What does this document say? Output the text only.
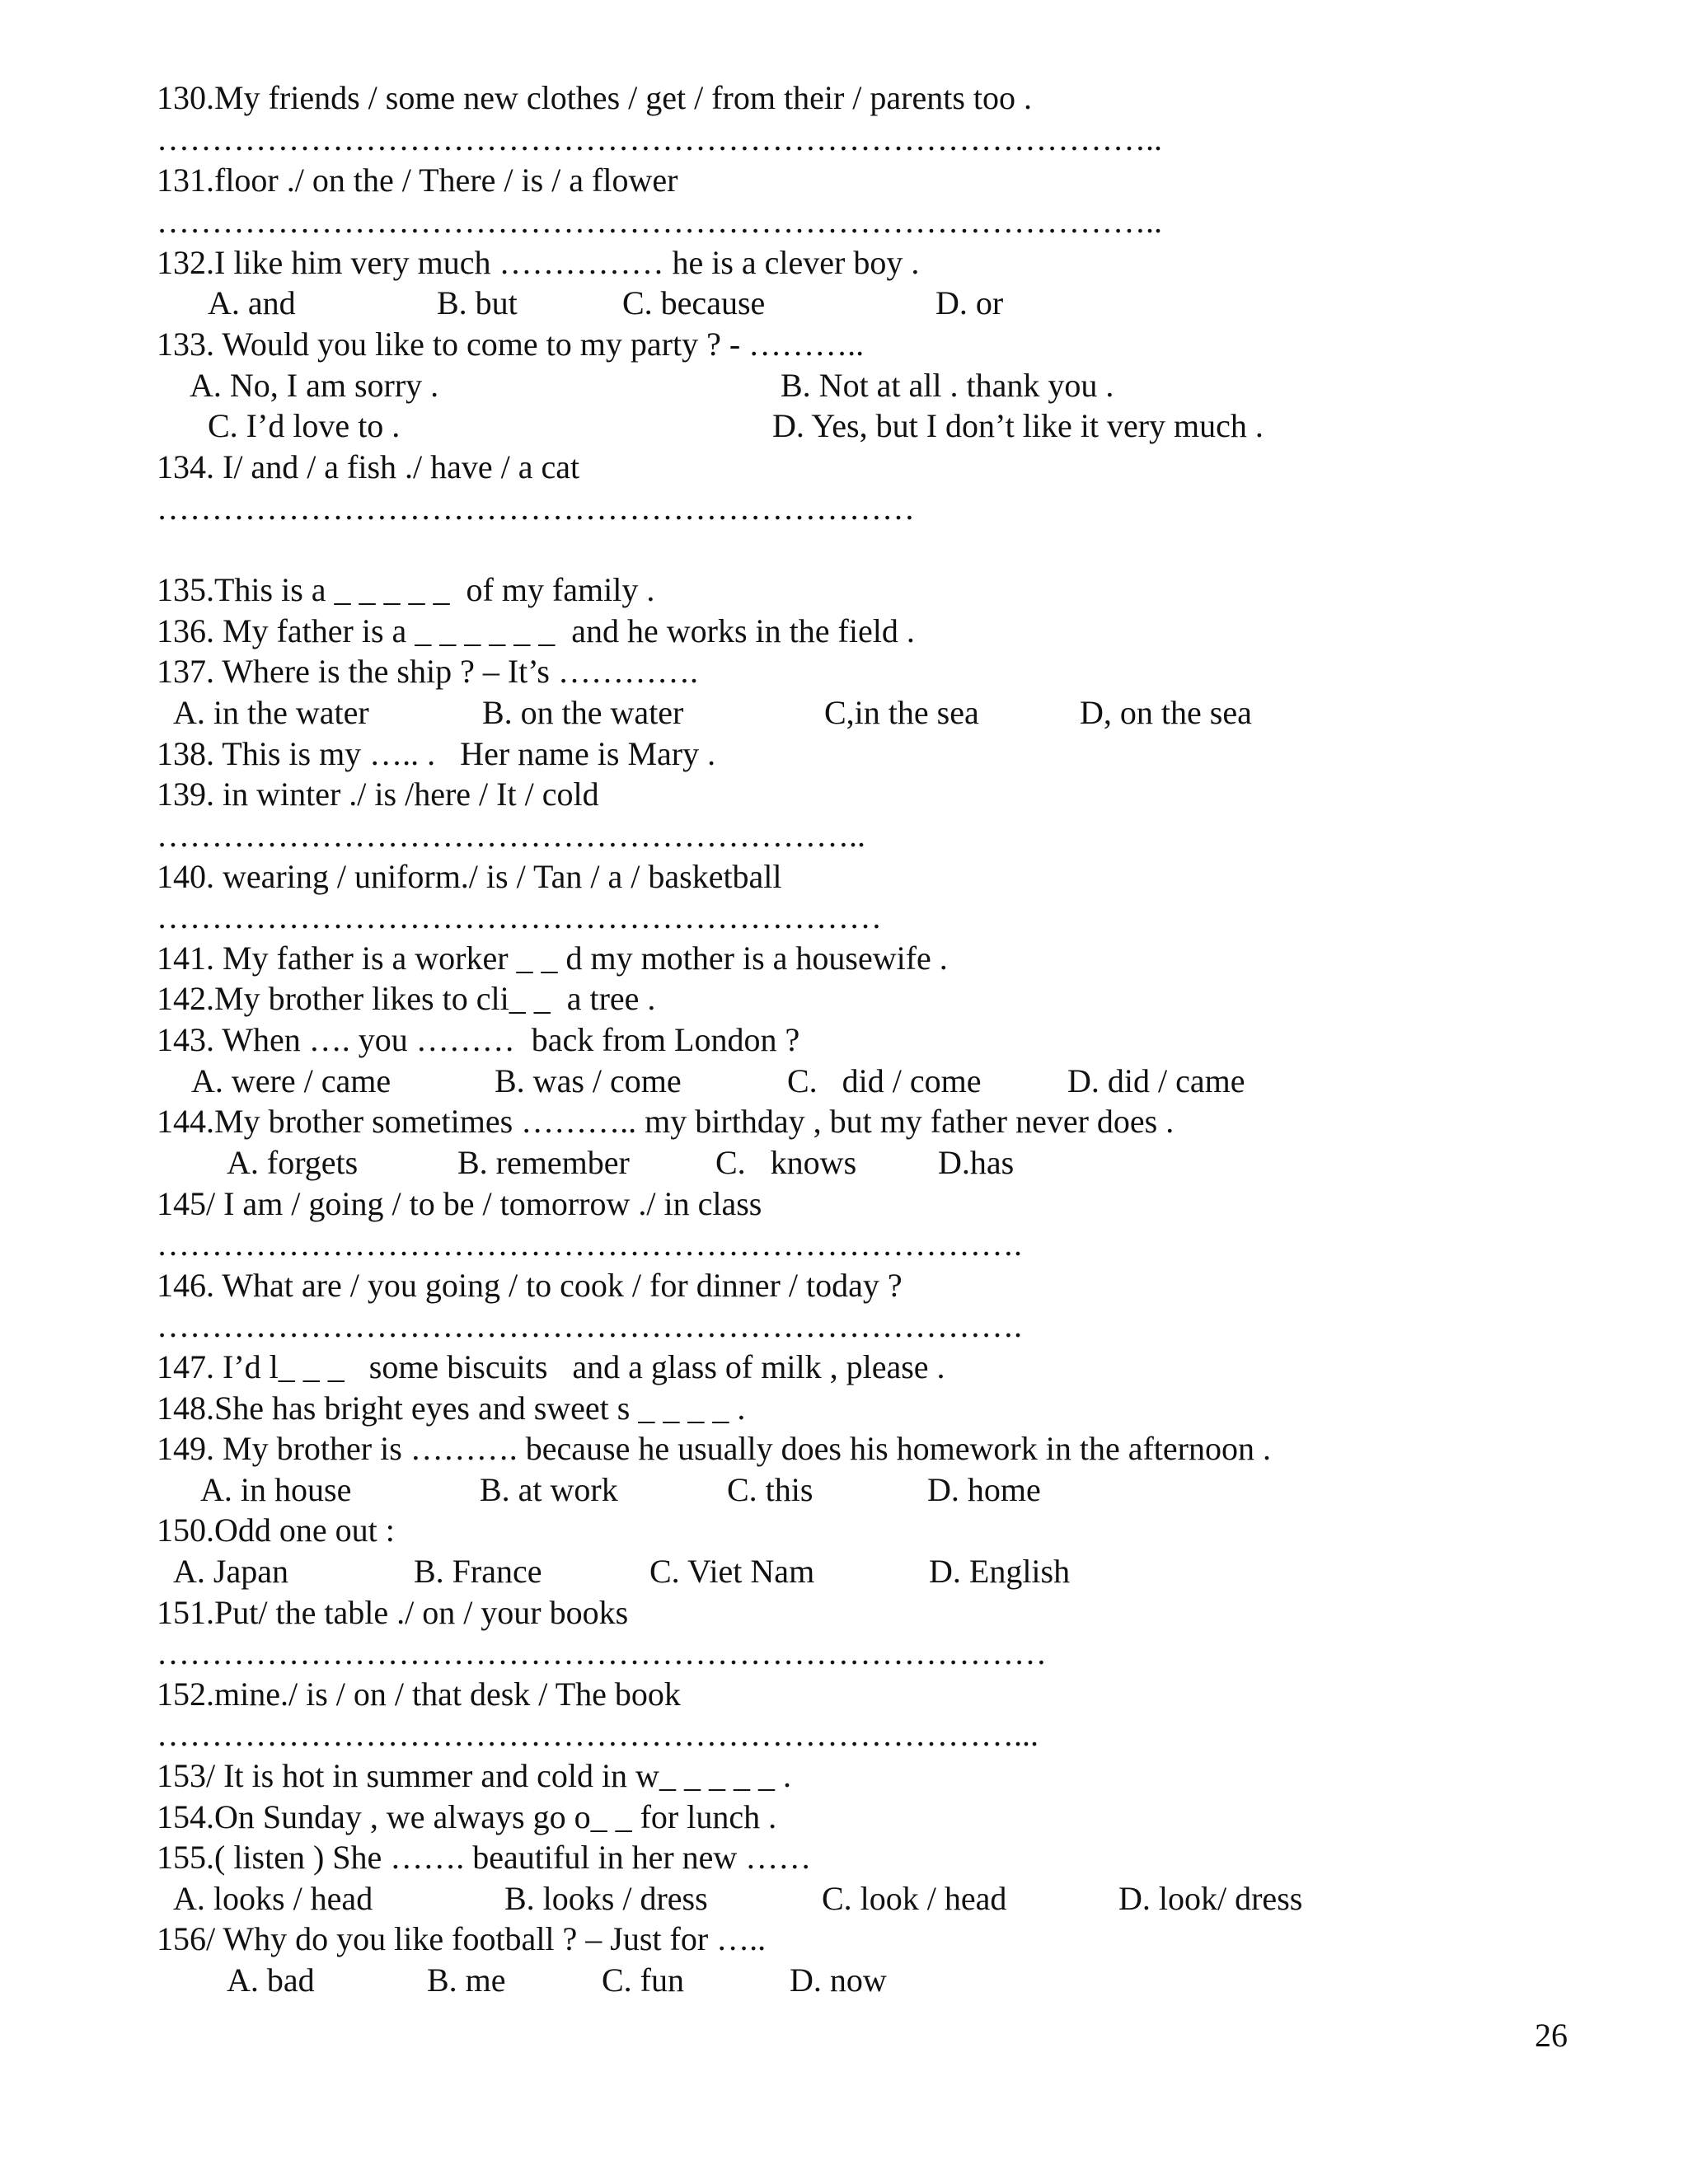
130.My friends / some new clothes / get / from their / parents too .
………………………………………………………………………………..
131.floor ./ on the / There / is / a flower
………………………………………………………………………………..
132.I like him very much …………… he is a clever boy .
A. and	B. but	C. because	D. or
133. Would you like to come to my party ? - ………..
A. No, I am sorry .	B. Not at all . thank you .
C. I’d love to .	D. Yes, but I don’t like it very much .
134. I/ and / a fish ./ have / a cat
……………………………………………………………
135.This is a _ _ _ _ _  of my family .
136. My father is a _ _ _ _ _ _  and he works in the field .
137. Where is the ship ? – It’s ………….
A. in the water	B. on the water	C,in the sea	D, on the sea
138. This is my ….. .   Her name is Mary .
139. in winter ./ is /here / It / cold
………………………………………………………..
140. wearing / uniform./ is / Tan / a / basketball
…………………………………………………………
141. My father is a worker _ _ d my mother is a housewife .
142.My brother likes to cli_ _  a tree .
143. When …. you ………  back from London ?
A. were / came	B. was / come	C.   did / come	D. did / came
144.My brother sometimes ……….. my birthday , but my father never does .
A. forgets	B. remember	C.   knows D.has
145/ I am / going / to be / tomorrow ./ in class
…………………………………………………………………….
146. What are / you going / to cook / for dinner / today ?
…………………………………………………………………….
147. I’d l_ _ _   some biscuits   and a glass of milk , please .
148.She has bright eyes and sweet s _ _ _ _ .
149. My brother is ………. because he usually does his homework in the afternoon .
A. in house	B. at work	C. this	D. home
150.Odd one out :
A. Japan	B. France	C. Viet Nam	D. English
151.Put/ the table ./ on / your books
………………………………………………………………………
152.mine./ is / on / that desk / The book
……………………………………………………………………...
153/ It is hot in summer and cold in w_ _ _ _ _ .
154.On Sunday , we always go o_ _ for lunch .
155.( listen ) She ……. beautiful in her new ……
A. looks / head	B. looks / dress	C. look / head	D. look/ dress
156/ Why do you like football ? – Just for …..
A. bad	B. me	C. fun	D. now
26
